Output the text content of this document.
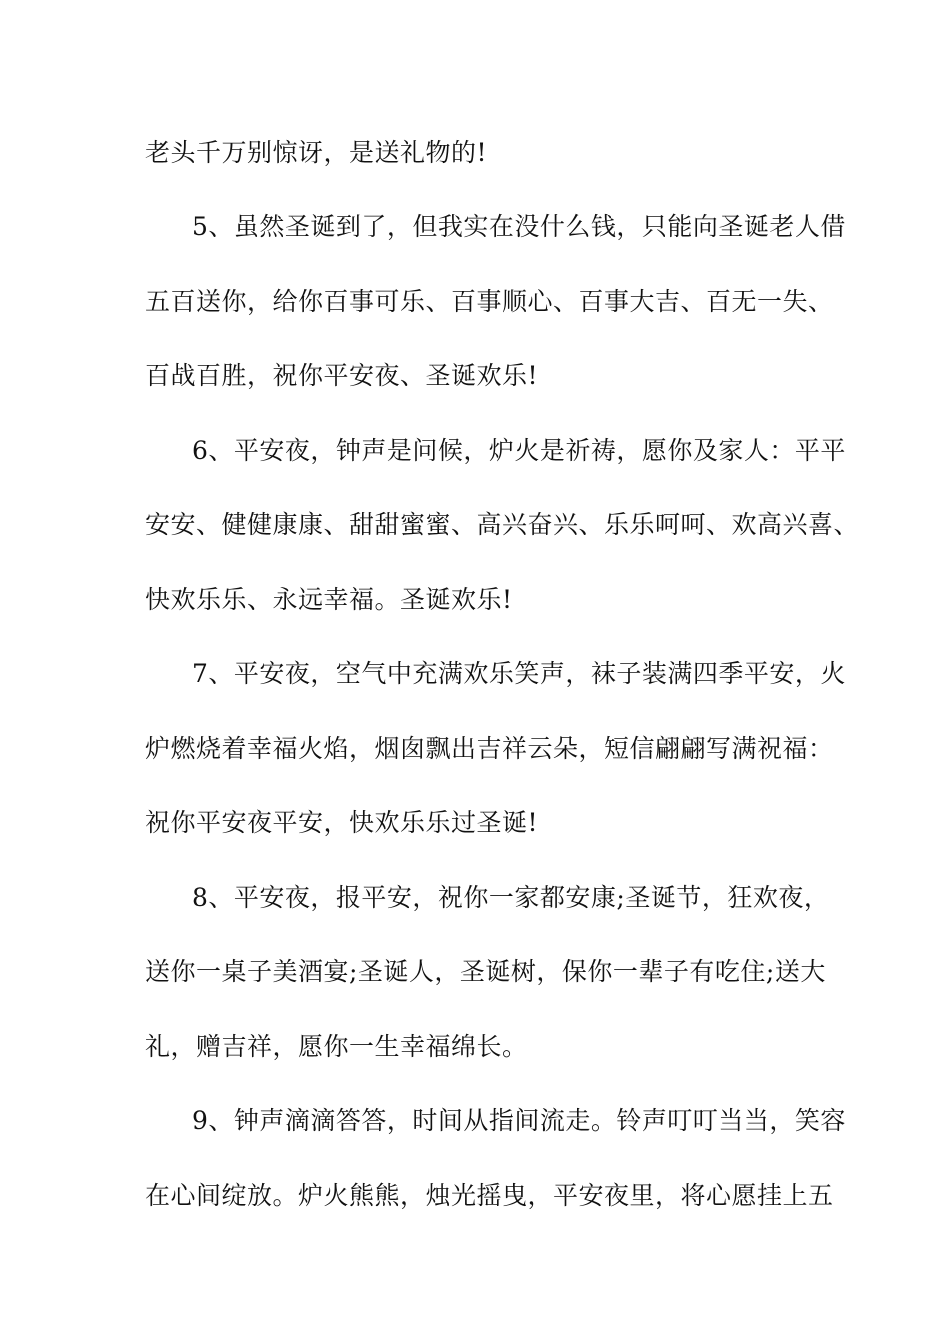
老头千万别惊讶，是送礼物的!
5、虽然圣诞到了，但我实在没什么钱，只能向圣诞老人借
五百送你，给你百事可乐、百事顺心、百事大吉、百无一失、
百战百胜，祝你平安夜、圣诞欢乐!
6、平安夜，钟声是问候，炉火是祈祷，愿你及家人：平平
安安、健健康康、甜甜蜜蜜、高兴奋兴、乐乐呵呵、欢高兴喜、
快欢乐乐、永远幸福。圣诞欢乐!
7、平安夜，空气中充满欢乐笑声，袜子装满四季平安，火
炉燃烧着幸福火焰，烟囱飘出吉祥云朵，短信翩翩写满祝福：
祝你平安夜平安，快欢乐乐过圣诞!
8、平安夜，报平安，祝你一家都安康;圣诞节，狂欢夜，
送你一桌子美酒宴;圣诞人，圣诞树，保你一辈子有吃住;送大
礼，赠吉祥，愿你一生幸福绵长。
9、钟声滴滴答答，时间从指间流走。铃声叮叮当当，笑容
在心间绽放。炉火熊熊，烛光摇曳，平安夜里，将心愿挂上五
